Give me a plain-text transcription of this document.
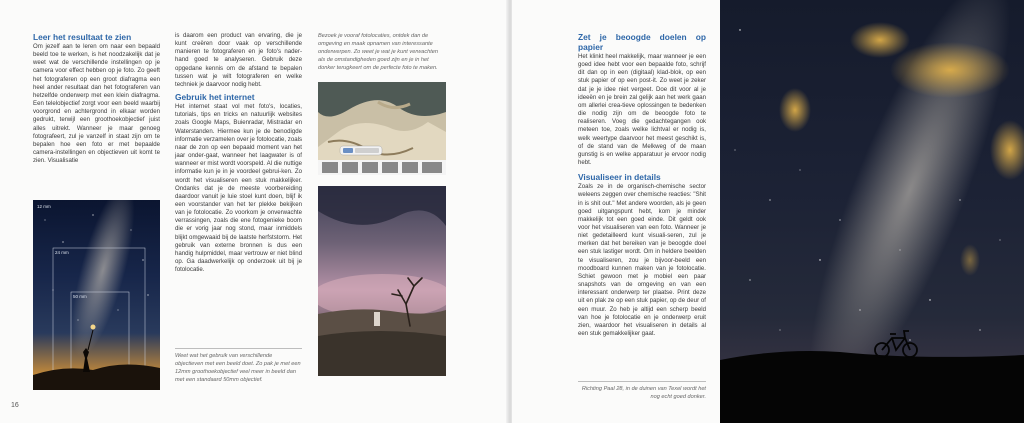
Leer het resultaat te zien

Om jezelf aan te leren om naar een bepaald beeld toe te werken, is het noodzakelijk dat je weet wat de verschillende instellingen op je camera voor effect hebben op je foto. Zo geeft het fotograferen op een groot diafragma een heel ander resultaat dan het fotograferen van hetzelfde onderwerp met een klein diafragma. Een telelobjectief zorgt voor een beeld waarbij voorgrond en achtergrond in elkaar worden gedrukt, terwijl een groothoekobjectief juist alles uitrekt. Wanneer je maar genoeg fotografeert, zul je vanzelf in staat zijn om te bepalen hoe een foto er met bepaalde camera-instellingen en objectieven uit komt te zien. Visualisatie

12 mm
24 mm
50 mm

is daarom een product van ervaring, die je kunt creëren door vaak op verschillende manieren te fotograferen en je foto's nader-hand goed te analyseren. Gebruik deze opgedane kennis om de afstand te bepalen tussen wat je wilt fotograferen en welke techniek je daarvoor nodig hebt.

Gebruik het internet

Het internet staat vol met foto's, locaties, tutorials, tips en tricks en natuurlijk websites zoals Google Maps, Buienradar, Mistradar en Waterstanden. Hiermee kun je de benodigde informatie verzamelen over je fotolocatie, zoals naar de zon op een bepaald moment van het jaar onder-gaat, wanneer het laagwater is of wanneer er mist wordt voorspeld. Al die nuttige informatie kun je in je voordeel gebrui-ken. Zo wordt het visualiseren een stuk makkelijker. Ondanks dat je de meeste voorbereiding daardoor vanuit je luie stoel kunt doen, blijf ik een voorstander van het ter plekke bekijken van je fotolocatie. Zo voorkom je onverwachte verrassingen, zoals die ene fotogenieke boom die er vorig jaar nog stond, maar inmiddels blijkt omgewaaid bij de laatste herfststorm. Het gebruik van externe bronnen is dus een handig hulpmiddel, maar vertrouw er niet blind op. Ga daadwerkelijk op onderzoek uit bij je fotolocatie.

Weet wat het gebruik van verschillende objectieven met een beeld doet. Zo pak je met een 12mm groothoekobjectief veel meer in beeld dan met een standaard 50mm objectief.
Bezoek je vooraf fotolocaties, ontdek dan de omgeving en maak opnamen van interessante onderwerpen. Zo weet je wat je kunt verwachten als de omstandigheden goed zijn en je in het donker terugkeert om de perfecte foto te maken.
16
Zet je beoogde doelen op papier

Het klinkt heel makkelijk, maar wanneer je een goed idee hebt voor een bepaalde foto, schrijf dit dan op in een (digitaal) klad-blok, op een stuk papier of op een post-it. Zo weet je zeker dat je je idee niet vergeet. Doe dit voor al je ideeën en je brein zal gelijk aan het werk gaan om allerlei crea-tieve oplossingen te bedenken die nodig zijn om de beoogde foto te realiseren. Voeg die gedachtegangen ook meteen toe, zoals welke lichtval er nodig is, welk weertype daarvoor het meest geschikt is, of de stand van de Melkweg of de maan gunstig is en welke apparatuur je ervoor nodig hebt.

Visualiseer in details

Zoals ze in de organisch-chemische sector weleens zeggen over chemische reacties: "Shit in is shit out." Met andere woorden, als je geen goed uitgangspunt hebt, kom je minder makkelijk tot een goed einde. Dit geldt ook voor het visualiseren van een foto. Wanneer je niet gedetailleerd kunt visuali-seren, zul je merken dat het bereiken van je beoogde doel een stuk lastiger wordt. Om in heldere beelden te visualiseren, zou je bijvoor-beeld een moodboard kunnen maken van je fotolocatie. Schiet gewoon met je mobiel een paar snapshots van de omgeving en van een interessant onderwerp ter plaatse. Print deze uit en plak ze op een stuk papier, op de deur of een muur. Zo heb je altijd een scherp beeld van hoe je fotolocatie en je onderwerp eruit zien, waardoor het visualiseren in details al een stuk gemakkelijker gaat.

Richting Paal 28, in de duinen van Texel wordt het nog echt goed donker.
